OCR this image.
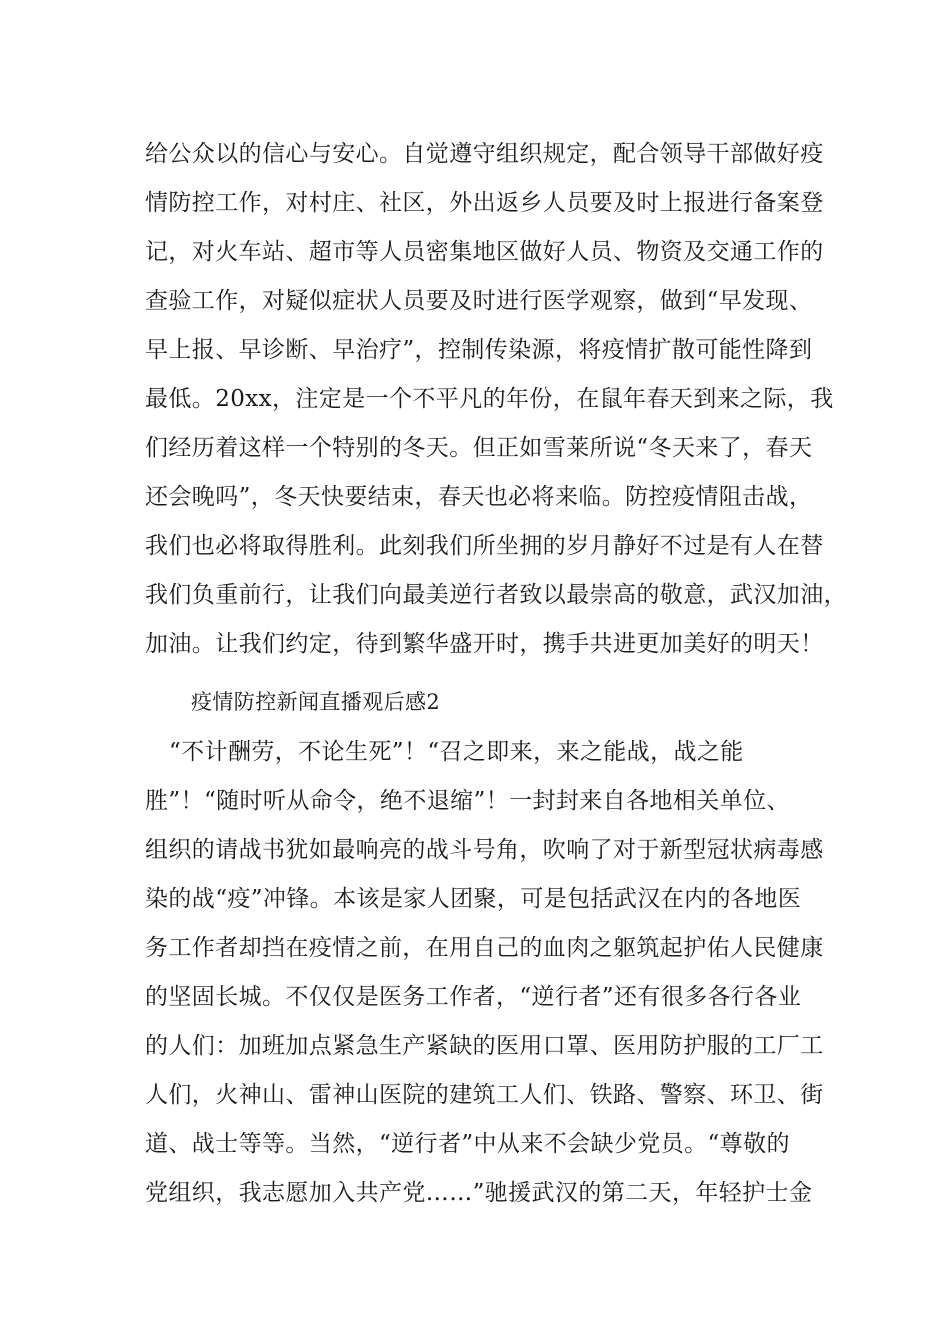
给公众以的信心与安心。自觉遵守组织规定，配合领导干部做好疫
情防控工作，对村庄、社区，外出返乡人员要及时上报进行备案登
记，对火车站、超市等人员密集地区做好人员、物资及交通工作的
查验工作，对疑似症状人员要及时进行医学观察，做到“早发现、
早上报、早诊断、早治疗”，控制传染源，将疫情扩散可能性降到
最低。20xx，注定是一个不平凡的年份，在鼠年春天到来之际，我
们经历着这样一个特别的冬天。但正如雪莱所说“冬天来了，春天
还会晚吗”，冬天快要结束，春天也必将来临。防控疫情阻击战，
我们也必将取得胜利。此刻我们所坐拥的岁月静好不过是有人在替
我们负重前行，让我们向最美逆行者致以最崇高的敬意，武汉加油，
加油。让我们约定，待到繁华盛开时，携手共进更加美好的明天！
疫情防控新闻直播观后感2
“不计酬劳，不论生死”！“召之即来，来之能战，战之能
胜”！“随时听从命令，绝不退缩”！一封封来自各地相关单位、
组织的请战书犹如最响亮的战斗号角，吹响了对于新型冠状病毒感
染的战“疫”冲锋。本该是家人团聚，可是包括武汉在内的各地医
务工作者却挡在疫情之前，在用自己的血肉之躯筑起护佑人民健康
的坚固长城。不仅仅是医务工作者，“逆行者”还有很多各行各业
的人们：加班加点紧急生产紧缺的医用口罩、医用防护服的工厂工
人们，火神山、雷神山医院的建筑工人们、铁路、警察、环卫、街
道、战士等等。当然，“逆行者”中从来不会缺少党员。“尊敬的
党组织，我志愿加入共产党……”驰援武汉的第二天，年轻护士金
